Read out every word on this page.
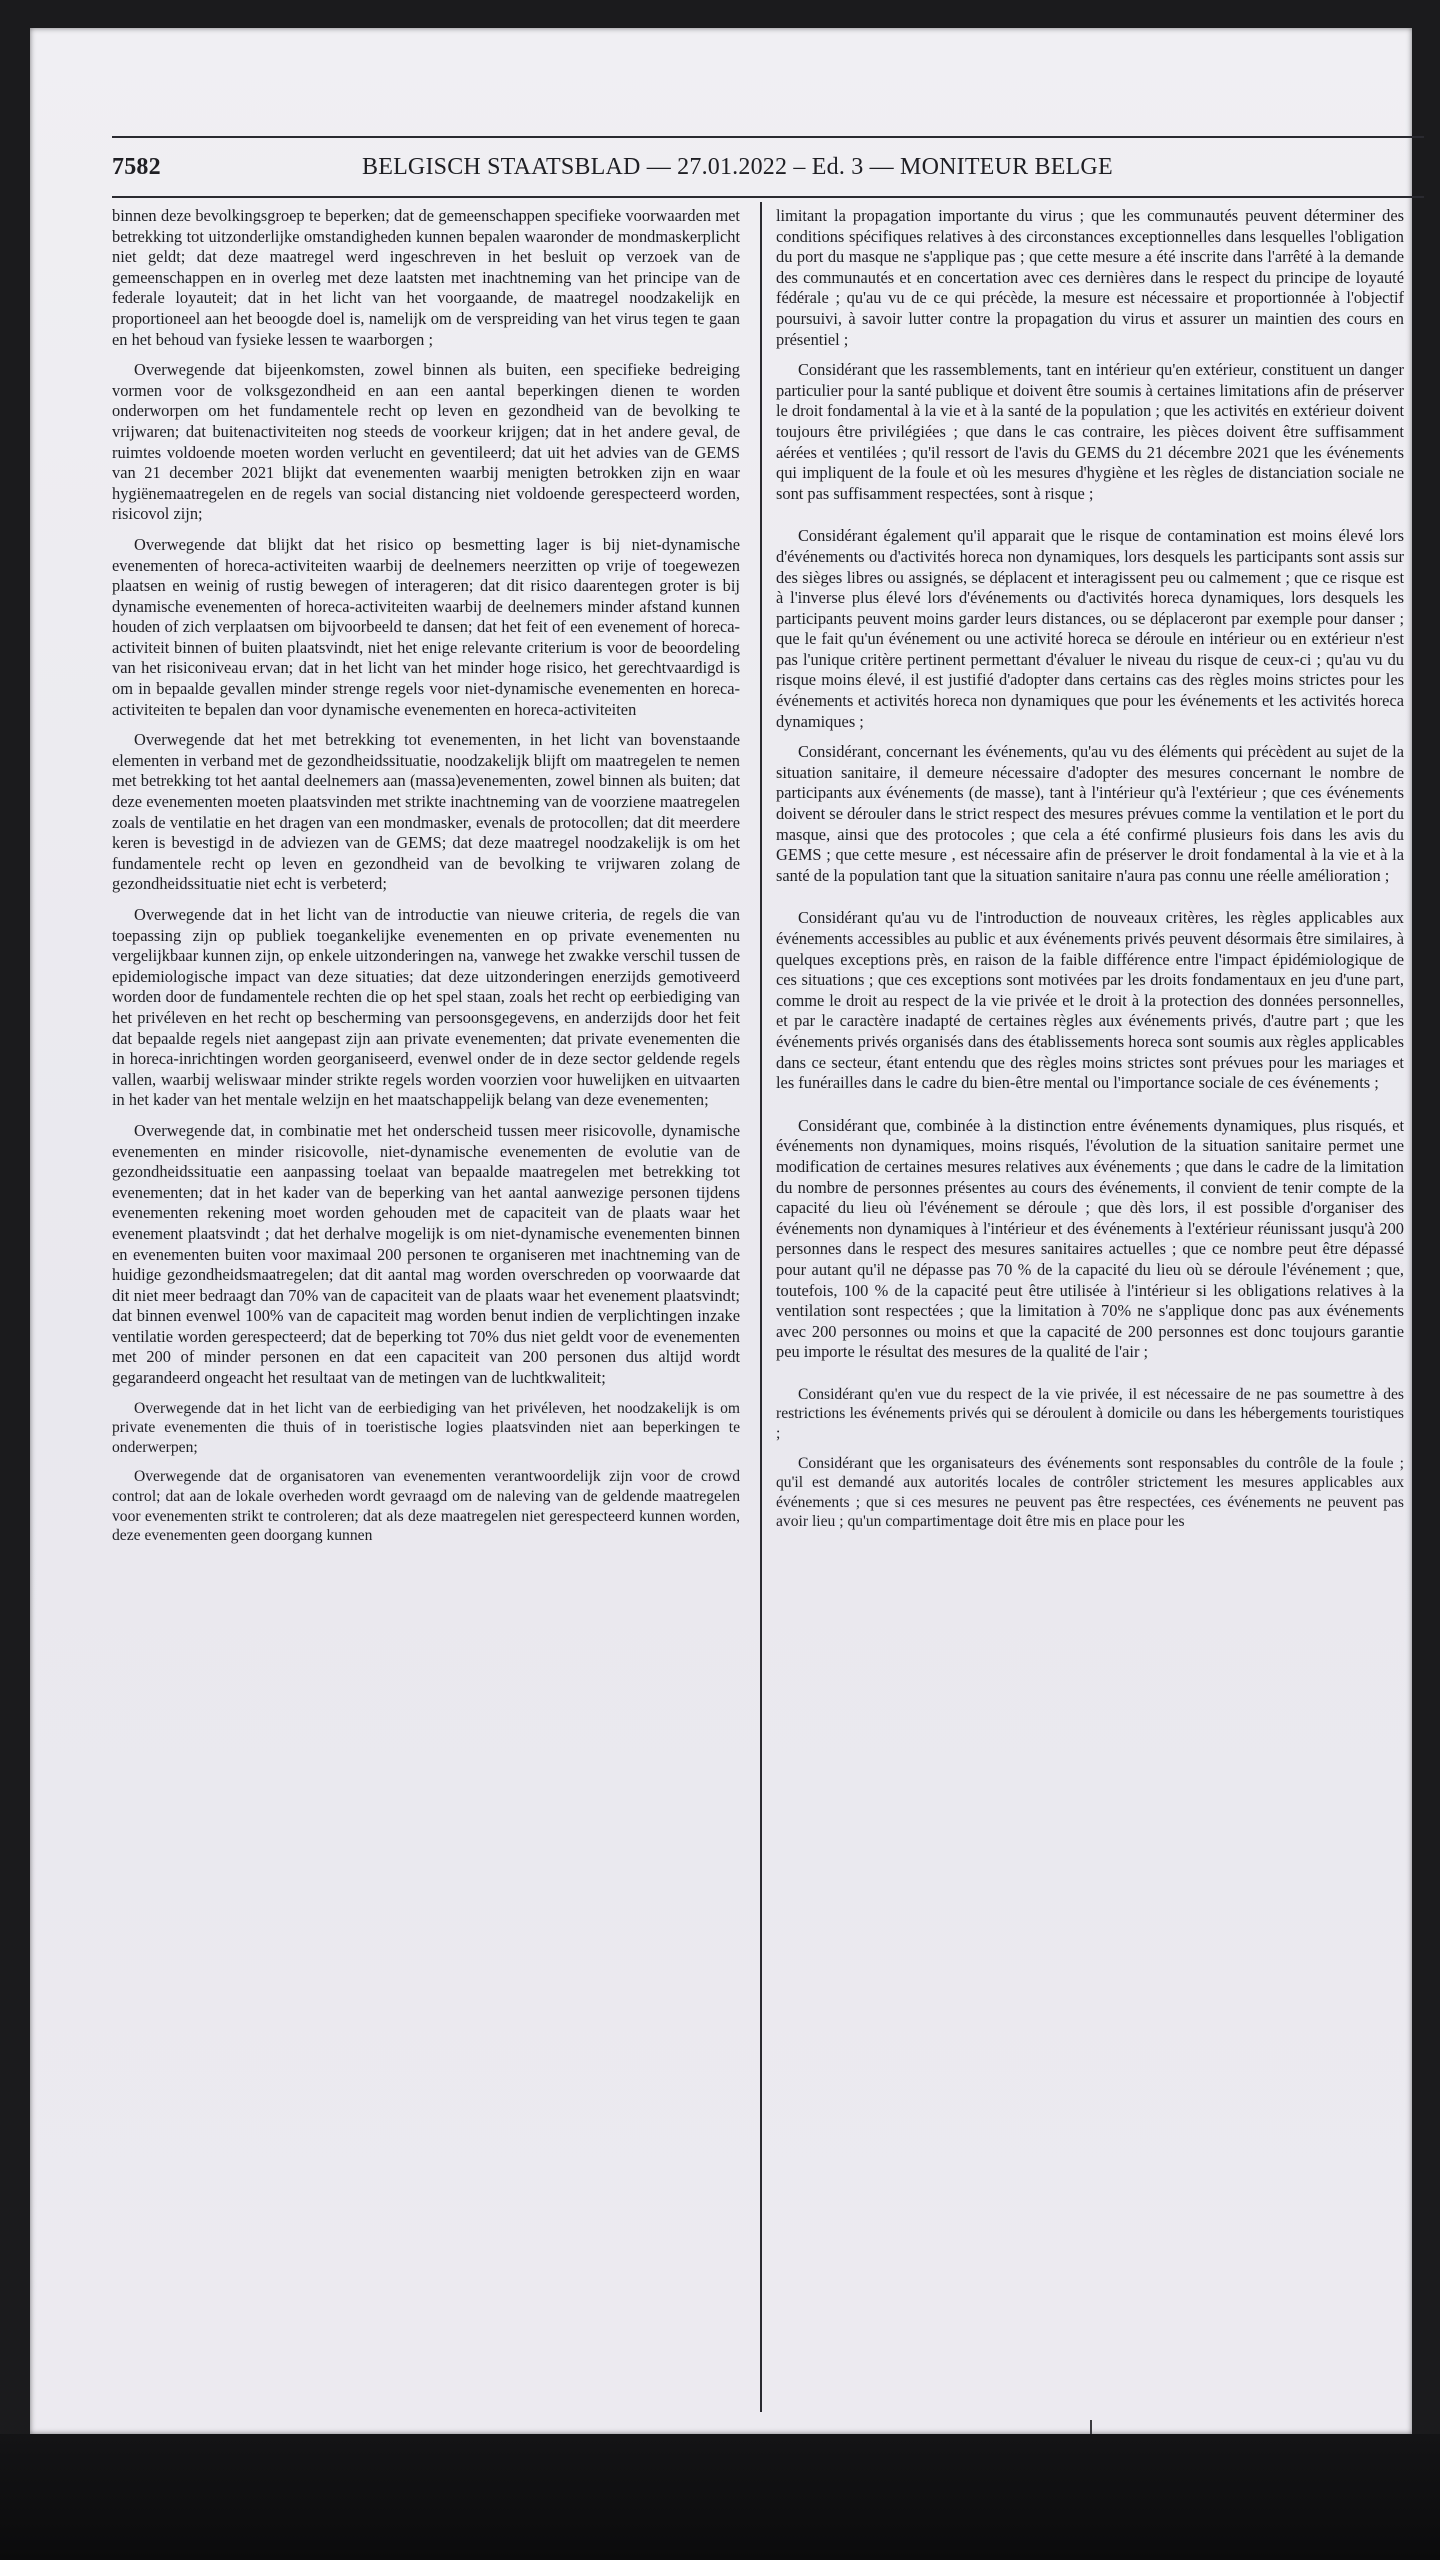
7582	BELGISCH STAATSBLAD — 27.01.2022 – Ed. 3 — MONITEUR BELGE

binnen deze bevolkingsgroep te beperken; dat de gemeenschappen specifieke voorwaarden met betrekking tot uitzonderlijke omstandigheden kunnen bepalen waaronder de mondmaskerplicht niet geldt; dat deze maatregel werd ingeschreven in het besluit op verzoek van de gemeenschappen en in overleg met deze laatsten met inachtneming van het principe van de federale loyauteit; dat in het licht van het voorgaande, de maatregel noodzakelijk en proportioneel aan het beoogde doel is, namelijk om de verspreiding van het virus tegen te gaan en het behoud van fysieke lessen te waarborgen ;

Overwegende dat bijeenkomsten, zowel binnen als buiten, een specifieke bedreiging vormen voor de volksgezondheid en aan een aantal beperkingen dienen te worden onderworpen om het fundamentele recht op leven en gezondheid van de bevolking te vrijwaren; dat buitenactiviteiten nog steeds de voorkeur krijgen; dat in het andere geval, de ruimtes voldoende moeten worden verlucht en geventileerd; dat uit het advies van de GEMS van 21 december 2021 blijkt dat evenementen waarbij menigten betrokken zijn en waar hygiënemaatregelen en de regels van social distancing niet voldoende gerespecteerd worden, risicovol zijn;

Overwegende dat blijkt dat het risico op besmetting lager is bij niet-dynamische evenementen of horeca-activiteiten waarbij de deelnemers neerzitten op vrije of toegewezen plaatsen en weinig of rustig bewegen of interageren; dat dit risico daarentegen groter is bij dynamische evenementen of horeca-activiteiten waarbij de deelnemers minder afstand kunnen houden of zich verplaatsen om bijvoorbeeld te dansen; dat het feit of een evenement of horeca-activiteit binnen of buiten plaatsvindt, niet het enige relevante criterium is voor de beoordeling van het risiconiveau ervan; dat in het licht van het minder hoge risico, het gerechtvaardigd is om in bepaalde gevallen minder strenge regels voor niet-dynamische evenementen en horeca-activiteiten te bepalen dan voor dynamische evenementen en horeca-activiteiten

Overwegende dat het met betrekking tot evenementen, in het licht van bovenstaande elementen in verband met de gezondheidssituatie, noodzakelijk blijft om maatregelen te nemen met betrekking tot het aantal deelnemers aan (massa)evenementen, zowel binnen als buiten; dat deze evenementen moeten plaatsvinden met strikte inachtneming van de voorziene maatregelen zoals de ventilatie en het dragen van een mondmasker, evenals de protocollen; dat dit meerdere keren is bevestigd in de adviezen van de GEMS; dat deze maatregel noodzakelijk is om het fundamentele recht op leven en gezondheid van de bevolking te vrijwaren zolang de gezondheidssituatie niet echt is verbeterd;

Overwegende dat in het licht van de introductie van nieuwe criteria, de regels die van toepassing zijn op publiek toegankelijke evenementen en op private evenementen nu vergelijkbaar kunnen zijn, op enkele uitzonderingen na, vanwege het zwakke verschil tussen de epidemiologische impact van deze situaties; dat deze uitzonderingen enerzijds gemotiveerd worden door de fundamentele rechten die op het spel staan, zoals het recht op eerbiediging van het privéleven en het recht op bescherming van persoonsgegevens, en anderzijds door het feit dat bepaalde regels niet aangepast zijn aan private evenementen; dat private evenementen die in horeca-inrichtingen worden georganiseerd, evenwel onder de in deze sector geldende regels vallen, waarbij weliswaar minder strikte regels worden voorzien voor huwelijken en uitvaarten in het kader van het mentale welzijn en het maatschappelijk belang van deze evenementen;

Overwegende dat, in combinatie met het onderscheid tussen meer risicovolle, dynamische evenementen en minder risicovolle, niet-dynamische evenementen de evolutie van de gezondheidssituatie een aanpassing toelaat van bepaalde maatregelen met betrekking tot evenementen; dat in het kader van de beperking van het aantal aanwezige personen tijdens evenementen rekening moet worden gehouden met de capaciteit van de plaats waar het evenement plaatsvindt ; dat het derhalve mogelijk is om niet-dynamische evenementen binnen en evenementen buiten voor maximaal 200 personen te organiseren met inachtneming van de huidige gezondheidsmaatregelen; dat dit aantal mag worden overschreden op voorwaarde dat dit niet meer bedraagt dan 70% van de capaciteit van de plaats waar het evenement plaatsvindt; dat binnen evenwel 100% van de capaciteit mag worden benut indien de verplichtingen inzake ventilatie worden gerespecteerd; dat de beperking tot 70% dus niet geldt voor de evenementen met 200 of minder personen en dat een capaciteit van 200 personen dus altijd wordt gegarandeerd ongeacht het resultaat van de metingen van de luchtkwaliteit;

Overwegende dat in het licht van de eerbiediging van het privéleven, het noodzakelijk is om private evenementen die thuis of in toeristische logies plaatsvinden niet aan beperkingen te onderwerpen;

Overwegende dat de organisatoren van evenementen verantwoordelijk zijn voor de crowd control; dat aan de lokale overheden wordt gevraagd om de naleving van de geldende maatregelen voor evenementen strikt te controleren; dat als deze maatregelen niet gerespecteerd kunnen worden, deze evenementen geen doorgang kunnen

limitant la propagation importante du virus ; que les communautés peuvent déterminer des conditions spécifiques relatives à des circonstances exceptionnelles dans lesquelles l'obligation du port du masque ne s'applique pas ; que cette mesure a été inscrite dans l'arrêté à la demande des communautés et en concertation avec ces dernières dans le respect du principe de loyauté fédérale ; qu'au vu de ce qui précède, la mesure est nécessaire et proportionnée à l'objectif poursuivi, à savoir lutter contre la propagation du virus et assurer un maintien des cours en présentiel ;

Considérant que les rassemblements, tant en intérieur qu'en extérieur, constituent un danger particulier pour la santé publique et doivent être soumis à certaines limitations afin de préserver le droit fondamental à la vie et à la santé de la population ; que les activités en extérieur doivent toujours être privilégiées ; que dans le cas contraire, les pièces doivent être suffisamment aérées et ventilées ; qu'il ressort de l'avis du GEMS du 21 décembre 2021 que les événements qui impliquent de la foule et où les mesures d'hygiène et les règles de distanciation sociale ne sont pas suffisamment respectées, sont à risque ;

Considérant également qu'il apparait que le risque de contamination est moins élevé lors d'événements ou d'activités horeca non dynamiques, lors desquels les participants sont assis sur des sièges libres ou assignés, se déplacent et interagissent peu ou calmement ; que ce risque est à l'inverse plus élevé lors d'événements ou d'activités horeca dynamiques, lors desquels les participants peuvent moins garder leurs distances, ou se déplaceront par exemple pour danser ; que le fait qu'un événement ou une activité horeca se déroule en intérieur ou en extérieur n'est pas l'unique critère pertinent permettant d'évaluer le niveau du risque de ceux-ci ; qu'au vu du risque moins élevé, il est justifié d'adopter dans certains cas des règles moins strictes pour les événements et activités horeca non dynamiques que pour les événements et les activités horeca dynamiques ;

Considérant, concernant les événements, qu'au vu des éléments qui précèdent au sujet de la situation sanitaire, il demeure nécessaire d'adopter des mesures concernant le nombre de participants aux événements (de masse), tant à l'intérieur qu'à l'extérieur ; que ces événements doivent se dérouler dans le strict respect des mesures prévues comme la ventilation et le port du masque, ainsi que des protocoles ; que cela a été confirmé plusieurs fois dans les avis du GEMS ; que cette mesure , est nécessaire afin de préserver le droit fondamental à la vie et à la santé de la population tant que la situation sanitaire n'aura pas connu une réelle amélioration ;

Considérant qu'au vu de l'introduction de nouveaux critères, les règles applicables aux événements accessibles au public et aux événements privés peuvent désormais être similaires, à quelques exceptions près, en raison de la faible différence entre l'impact épidémiologique de ces situations ; que ces exceptions sont motivées par les droits fondamentaux en jeu d'une part, comme le droit au respect de la vie privée et le droit à la protection des données personnelles, et par le caractère inadapté de certaines règles aux événements privés, d'autre part ; que les événements privés organisés dans des établissements horeca sont soumis aux règles applicables dans ce secteur, étant entendu que des règles moins strictes sont prévues pour les mariages et les funérailles dans le cadre du bien-être mental ou l'importance sociale de ces événements ;

Considérant que, combinée à la distinction entre événements dynamiques, plus risqués, et événements non dynamiques, moins risqués, l'évolution de la situation sanitaire permet une modification de certaines mesures relatives aux événements ; que dans le cadre de la limitation du nombre de personnes présentes au cours des événements, il convient de tenir compte de la capacité du lieu où l'événement se déroule ; que dès lors, il est possible d'organiser des événements non dynamiques à l'intérieur et des événements à l'extérieur réunissant jusqu'à 200 personnes dans le respect des mesures sanitaires actuelles ; que ce nombre peut être dépassé pour autant qu'il ne dépasse pas 70 % de la capacité du lieu où se déroule l'événement ; que, toutefois, 100 % de la capacité peut être utilisée à l'intérieur si les obligations relatives à la ventilation sont respectées ; que la limitation à 70% ne s'applique donc pas aux événements avec 200 personnes ou moins et que la capacité de 200 personnes est donc toujours garantie peu importe le résultat des mesures de la qualité de l'air ;

Considérant qu'en vue du respect de la vie privée, il est nécessaire de ne pas soumettre à des restrictions les événements privés qui se déroulent à domicile ou dans les hébergements touristiques ;

Considérant que les organisateurs des événements sont responsables du contrôle de la foule ; qu'il est demandé aux autorités locales de contrôler strictement les mesures applicables aux événements ; que si ces mesures ne peuvent pas être respectées, ces événements ne peuvent pas avoir lieu ; qu'un compartimentage doit être mis en place pour les
